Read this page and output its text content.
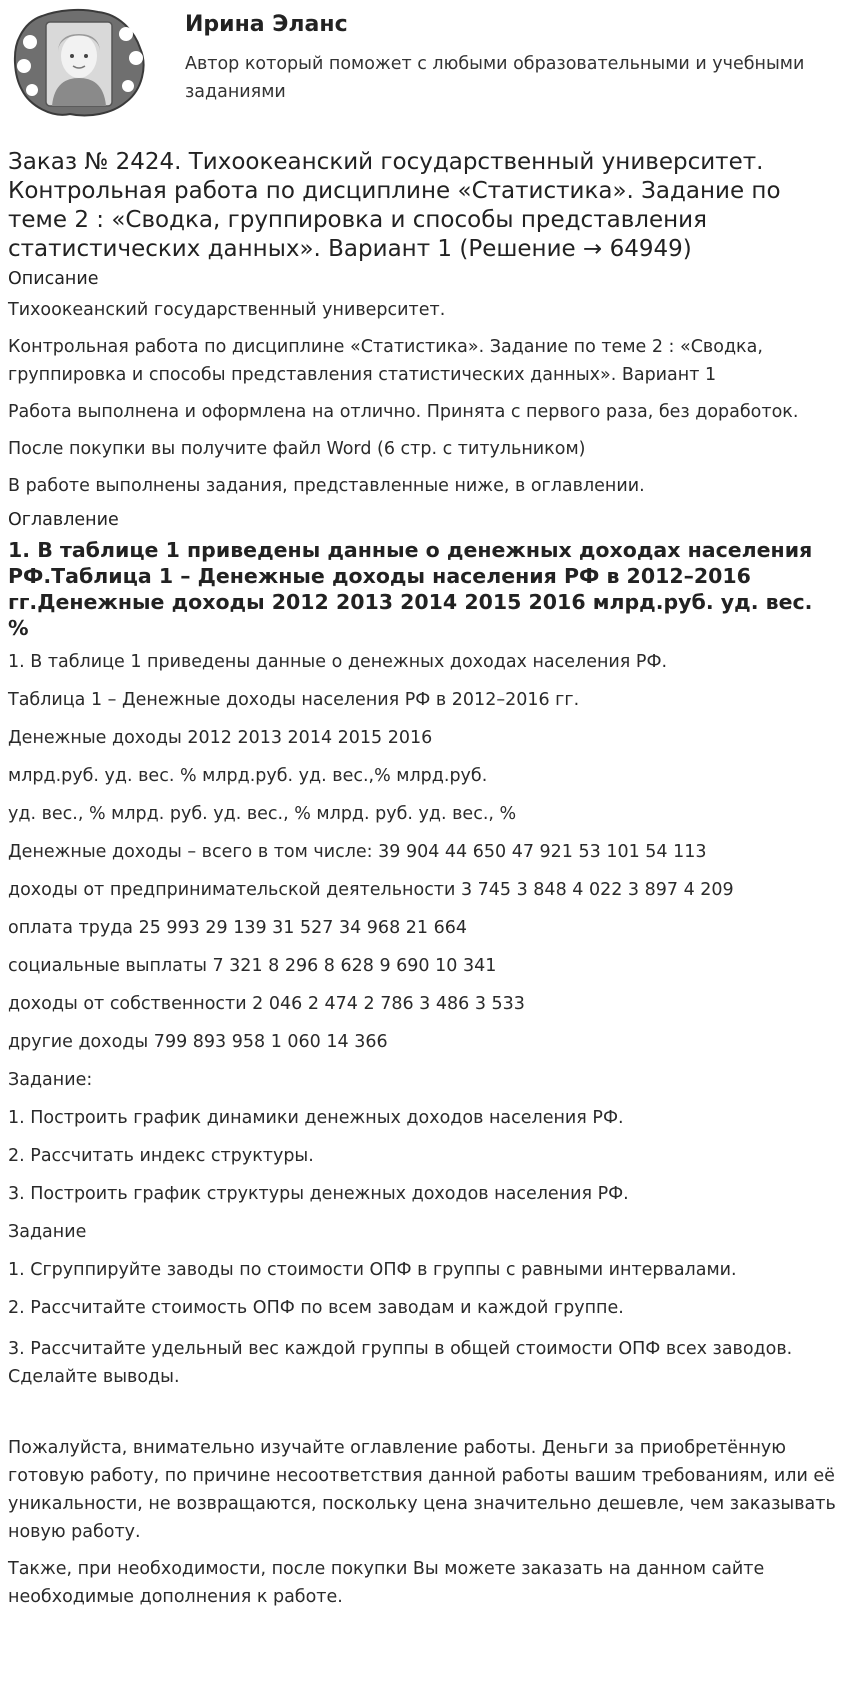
Ирина Эланс
Автор который поможет с любыми образовательными и учебными заданиями
Заказ № 2424. Тихоокеанский государственный университет. Контрольная работа по дисциплине «Статистика». Задание по теме 2 : «Сводка, группировка и способы представления статистических данных». Вариант 1 (Решение → 64949)
Описание

Тихоокеанский государственный университет.

Контрольная работа по дисциплине «Статистика». Задание по теме 2 : «Сводка, группировка и способы представления статистических данных». Вариант 1

Работа выполнена и оформлена на отлично. Принята с первого раза, без доработок.

После покупки вы получите файл Word (6 стр. с титульником)

В работе выполнены задания, представленные ниже, в оглавлении.

Оглавление
1. В таблице 1 приведены данные о денежных доходах населения РФ.Таблица 1 – Денежные доходы населения РФ в 2012–2016 гг.Денежные доходы 2012 2013 2014 2015 2016 млрд.руб. уд. вес. %
1. В таблице 1 приведены данные о денежных доходах населения РФ.
Таблица 1 – Денежные доходы населения РФ в 2012–2016 гг.
Денежные доходы 2012 2013 2014 2015 2016
млрд.руб. уд. вес. % млрд.руб. уд. вес.,% млрд.руб.
уд. вес., % млрд. руб. уд. вес., % млрд. руб. уд. вес., %
Денежные доходы – всего в том числе: 39 904 44 650 47 921 53 101 54 113
доходы от предпринимательской деятельности 3 745 3 848 4 022 3 897 4 209
оплата труда 25 993 29 139 31 527 34 968 21 664
социальные выплаты 7 321 8 296 8 628 9 690 10 341
доходы от собственности 2 046 2 474 2 786 3 486 3 533
другие доходы 799 893 958 1 060 14 366
Задание:
1. Построить график динамики денежных доходов населения РФ.
2. Рассчитать индекс структуры.
3. Построить график структуры денежных доходов населения РФ.
Задание
1. Сгруппируйте заводы по стоимости ОПФ в группы с равными интервалами.
2. Рассчитайте стоимость ОПФ по всем заводам и каждой группе.

3. Рассчитайте удельный вес каждой группы в общей стоимости ОПФ всех заводов. Сделайте выводы.

Пожалуйста, внимательно изучайте оглавление работы. Деньги за приобретённую готовую работу, по причине несоответствия данной работы вашим требованиям, или её уникальности, не возвращаются, поскольку цена значительно дешевле, чем заказывать новую работу.

Также, при необходимости, после покупки Вы можете заказать на данном сайте необходимые дополнения к работе.
